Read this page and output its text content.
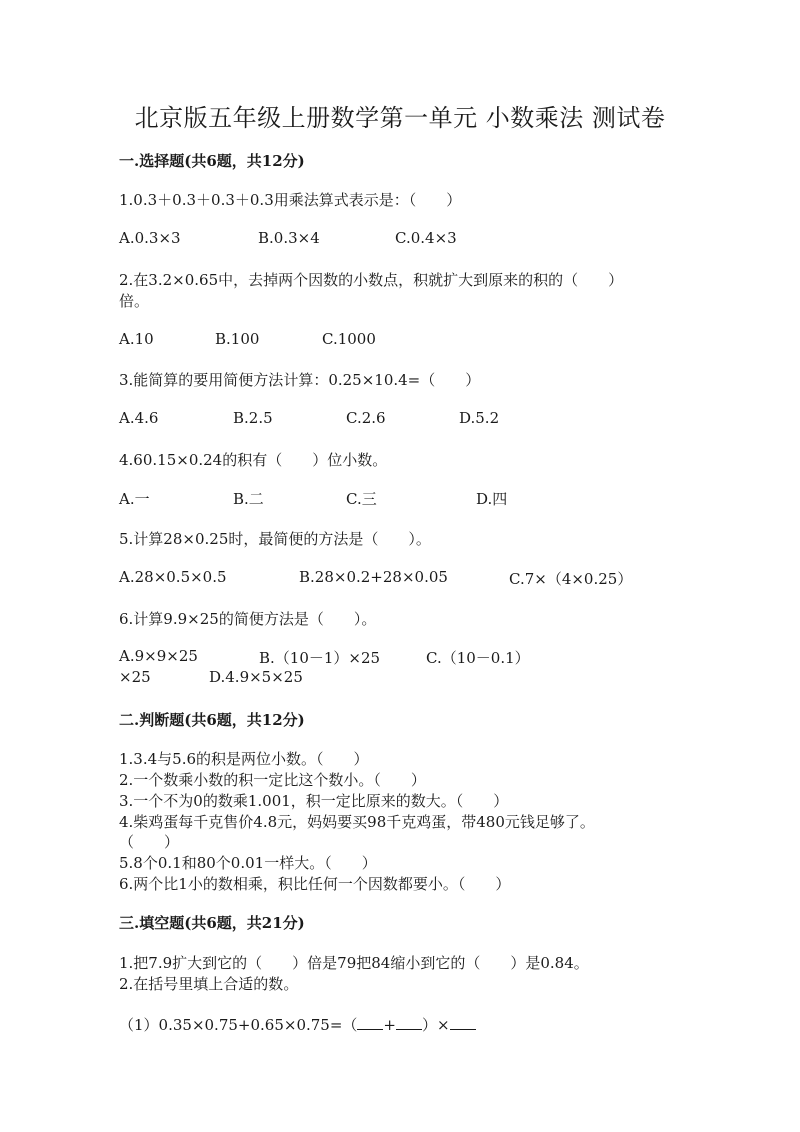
北京版五年级上册数学第一单元 小数乘法 测试卷
一.选择题(共6题，共12分)
1.0.3＋0.3＋0.3＋0.3用乘法算式表示是：（　　）
A.0.3×3	B.0.3×4	C.0.4×3
2.在3.2×0.65中，去掉两个因数的小数点，积就扩大到原来的积的（　　）
倍。
A.10	B.100	C.1000
3.能简算的要用简便方法计算：0.25×10.4=（　　）
A.4.6	B.2.5	C.2.6	D.5.2
4.60.15×0.24的积有（　　）位小数。
A.一	B.二	C.三	D.四
5.计算28×0.25时，最简便的方法是（　　）。
A.28×0.5×0.5	B.28×0.2+28×0.05	C.7×（4×0.25）
6.计算9.9×25的简便方法是（　　）。
A.9×9×25	B.（10－1）×25	C.（10－0.1）
×25	D.4.9×5×25
二.判断题(共6题，共12分)
1.3.4与5.6的积是两位小数。（　　）
2.一个数乘小数的积一定比这个数小。（　　）
3.一个不为0的数乘1.001，积一定比原来的数大。（　　）
4.柴鸡蛋每千克售价4.8元，妈妈要买98千克鸡蛋，带480元钱足够了。
（　　）
5.8个0.1和80个0.01一样大。（　　）
6.两个比1小的数相乘，积比任何一个因数都要小。（　　）
三.填空题(共6题，共21分)
1.把7.9扩大到它的（　　）倍是79把84缩小到它的（　　）是0.84。
2.在括号里填上合适的数。
（1）0.35×0.75+0.65×0.75=（ + ）×
